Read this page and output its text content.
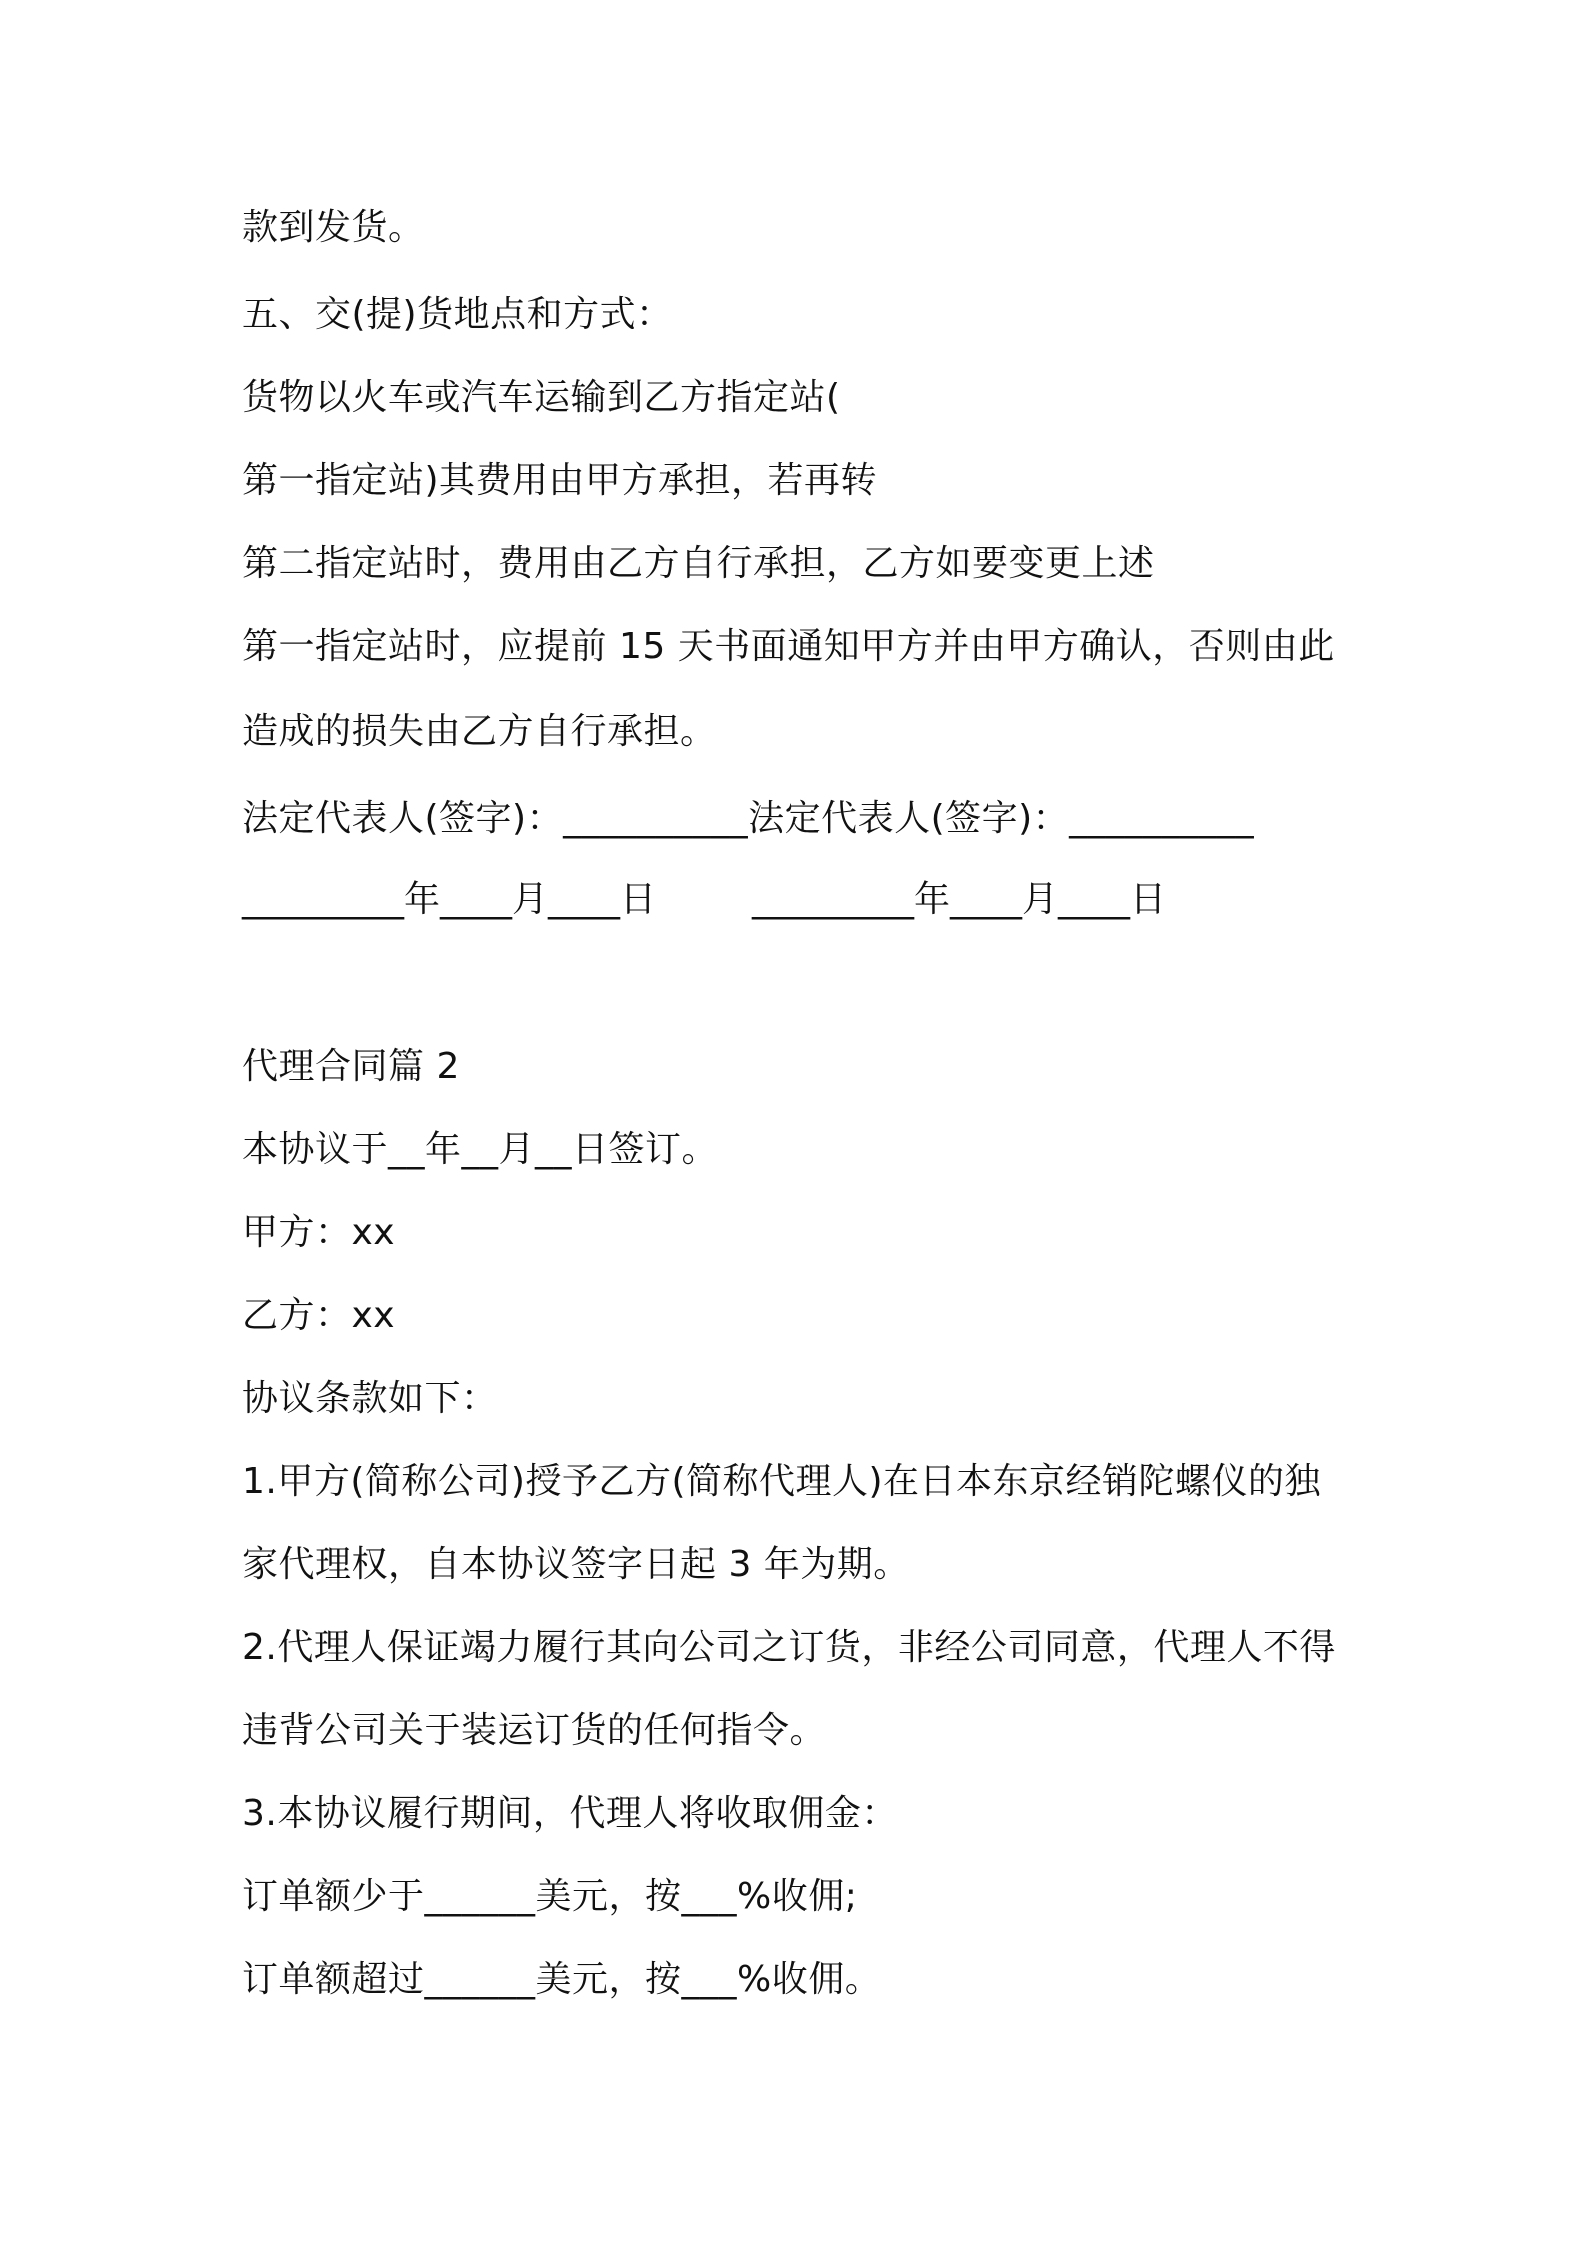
款到发货。
五、交(提)货地点和方式：
货物以火车或汽车运输到乙方指定站(
第一指定站)其费用由甲方承担，若再转
第二指定站时，费用由乙方自行承担，乙方如要变更上述
第一指定站时，应提前 15 天书面通知甲方并由甲方确认，否则由此
造成的损失由乙方自行承担。
法定代表人(签字)：__________法定代表人(签字)：__________
_________年____月____日	_________年____月____日
代理合同篇 2
本协议于__年__月__日签订。
甲方：xx
乙方：xx
协议条款如下：
1.甲方(简称公司)授予乙方(简称代理人)在日本东京经销陀螺仪的独
家代理权，自本协议签字日起 3 年为期。
2.代理人保证竭力履行其向公司之订货，非经公司同意，代理人不得
违背公司关于装运订货的任何指令。
3.本协议履行期间，代理人将收取佣金：
订单额少于______美元，按___%收佣;
订单额超过______美元，按___%收佣。
